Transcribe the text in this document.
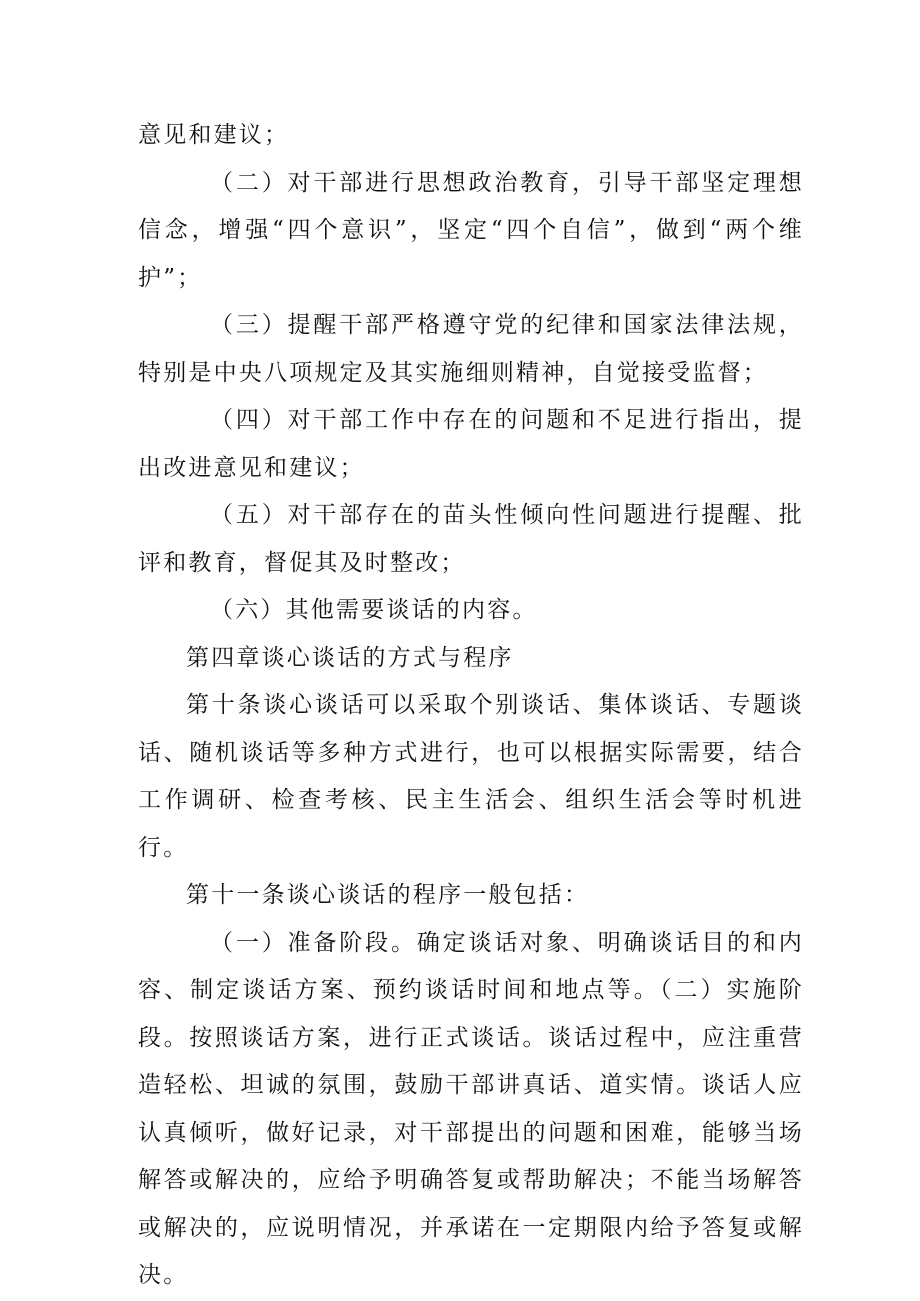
意见和建议；

（二）对干部进行思想政治教育，引导干部坚定理想信念，增强“四个意识”，坚定“四个自信”，做到“两个维护”；

（三）提醒干部严格遵守党的纪律和国家法律法规，特别是中央八项规定及其实施细则精神，自觉接受监督；

（四）对干部工作中存在的问题和不足进行指出，提出改进意见和建议；

（五）对干部存在的苗头性倾向性问题进行提醒、批评和教育，督促其及时整改；

（六）其他需要谈话的内容。

第四章谈心谈话的方式与程序

第十条谈心谈话可以采取个别谈话、集体谈话、专题谈话、随机谈话等多种方式进行，也可以根据实际需要，结合工作调研、检查考核、民主生活会、组织生活会等时机进行。

第十一条谈心谈话的程序一般包括：

（一）准备阶段。确定谈话对象、明确谈话目的和内容、制定谈话方案、预约谈话时间和地点等。（二）实施阶段。按照谈话方案，进行正式谈话。谈话过程中，应注重营造轻松、坦诚的氛围，鼓励干部讲真话、道实情。谈话人应认真倾听，做好记录，对干部提出的问题和困难，能够当场解答或解决的，应给予明确答复或帮助解决；不能当场解答或解决的，应说明情况，并承诺在一定期限内给予答复或解决。
